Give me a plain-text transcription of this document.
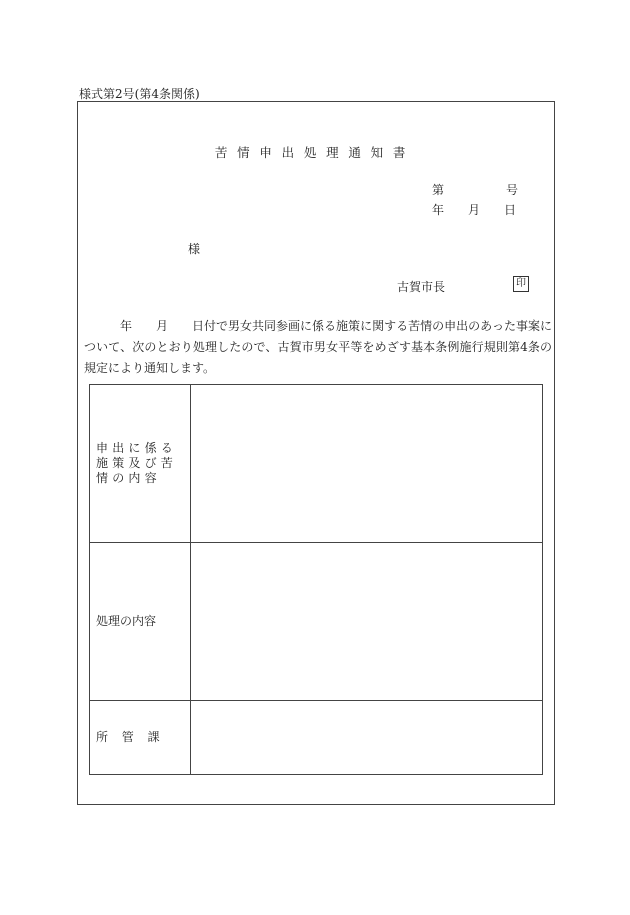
様式第2号(第4条関係)
苦情申出処理通知書
第	号
年 月 日
様
古賀市長	印
年 月 日付で男女共同参画に係る施策に関する苦情の申出のあった事案について、次のとおり処理したので、古賀市男女平等をめざす基本条例施行規則第4条の規定により通知します。
申出に係る施策及び苦情の内容	
処理の内容	
所管課	
